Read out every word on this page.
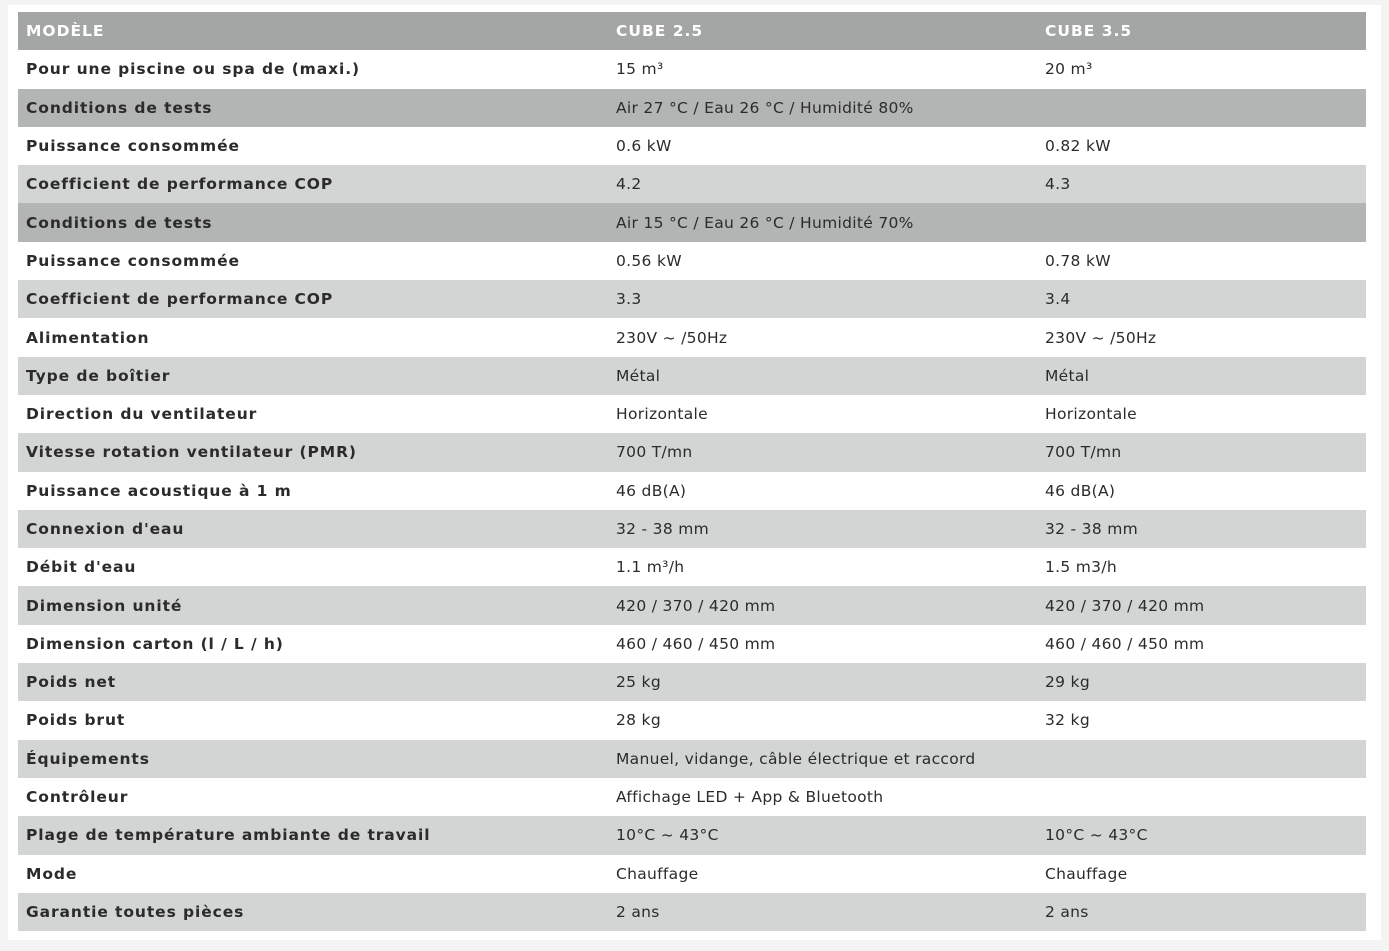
MODÈLE	CUBE 2.5	CUBE 3.5
Pour une piscine ou spa de (maxi.)	15 m³	20 m³
Conditions de tests	Air 27 °C / Eau 26 °C / Humidité 80%	
Puissance consommée	0.6 kW	0.82 kW
Coefficient de performance COP	4.2	4.3
Conditions de tests	Air 15 °C / Eau 26 °C / Humidité 70%	
Puissance consommée	0.56 kW	0.78 kW
Coefficient de performance COP	3.3	3.4
Alimentation	230V ~ /50Hz	230V ~ /50Hz
Type de boîtier	Métal	Métal
Direction du ventilateur	Horizontale	Horizontale
Vitesse rotation ventilateur (PMR)	700 T/mn	700 T/mn
Puissance acoustique à 1 m	46 dB(A)	46 dB(A)
Connexion d'eau	32 - 38 mm	32 - 38 mm
Débit d'eau	1.1 m³/h	1.5 m3/h
Dimension unité	420 / 370 / 420 mm	420 / 370 / 420 mm
Dimension carton (l / L / h)	460 / 460 / 450 mm	460 / 460 / 450 mm
Poids net	25 kg	29 kg
Poids brut	28 kg	32 kg
Équipements	Manuel, vidange, câble électrique et raccord	
Contrôleur	Affichage LED + App & Bluetooth	
Plage de température ambiante de travail	10°C ~ 43°C	10°C ~ 43°C
Mode	Chauffage	Chauffage
Garantie toutes pièces	2 ans	2 ans
